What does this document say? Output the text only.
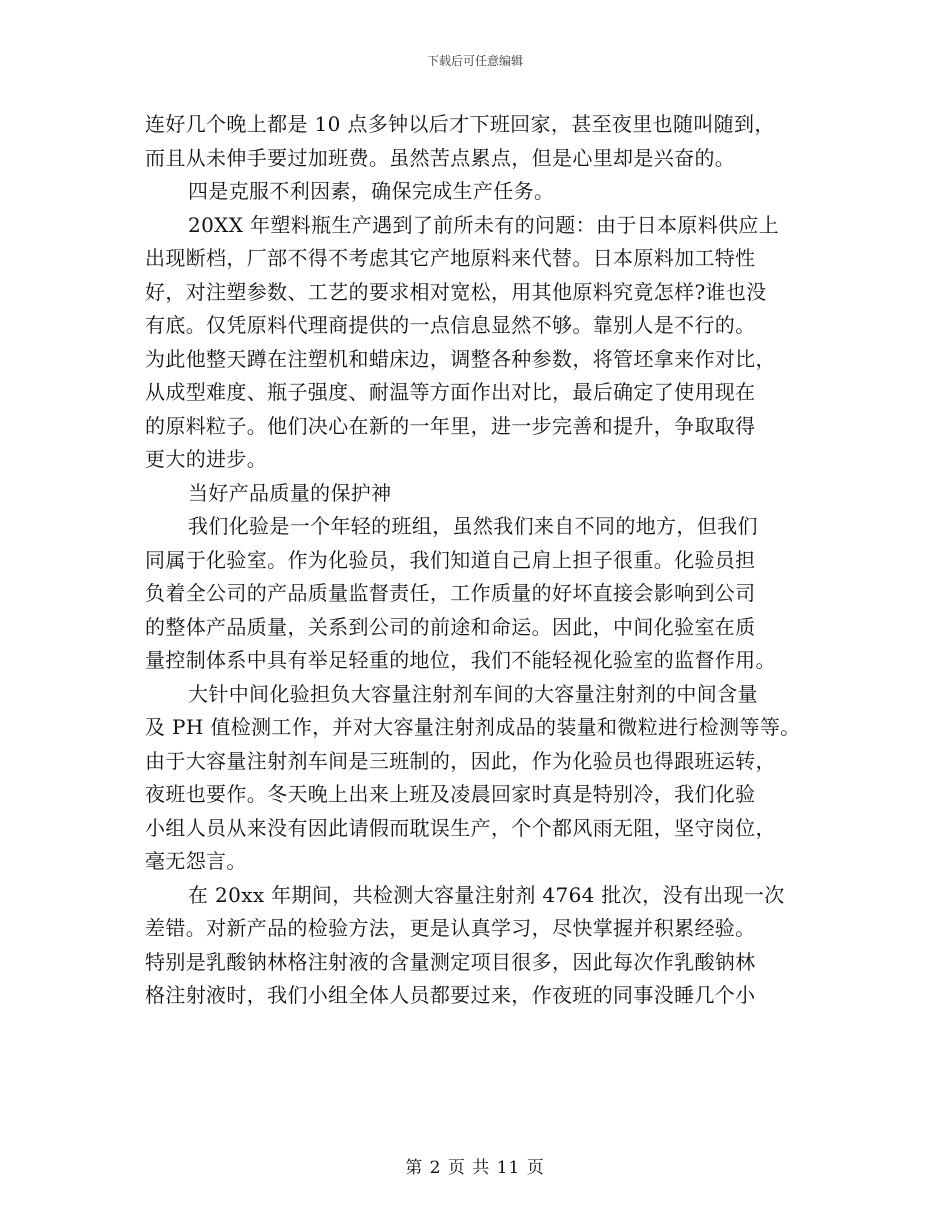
下载后可任意编辑
连好几个晚上都是 10 点多钟以后才下班回家，甚至夜里也随叫随到，
而且从未伸手要过加班费。虽然苦点累点，但是心里却是兴奋的。
四是克服不利因素，确保完成生产任务。
20XX 年塑料瓶生产遇到了前所未有的问题：由于日本原料供应上
出现断档，厂部不得不考虑其它产地原料来代替。日本原料加工特性
好，对注塑参数、工艺的要求相对宽松，用其他原料究竟怎样?谁也没
有底。仅凭原料代理商提供的一点信息显然不够。靠别人是不行的。
为此他整天蹲在注塑机和蜡床边，调整各种参数，将管坯拿来作对比，
从成型难度、瓶子强度、耐温等方面作出对比，最后确定了使用现在
的原料粒子。他们决心在新的一年里，进一步完善和提升，争取取得
更大的进步。
当好产品质量的保护神
我们化验是一个年轻的班组，虽然我们来自不同的地方，但我们
同属于化验室。作为化验员，我们知道自己肩上担子很重。化验员担
负着全公司的产品质量监督责任，工作质量的好坏直接会影响到公司
的整体产品质量，关系到公司的前途和命运。因此，中间化验室在质
量控制体系中具有举足轻重的地位，我们不能轻视化验室的监督作用。
大针中间化验担负大容量注射剂车间的大容量注射剂的中间含量
及 PH 值检测工作，并对大容量注射剂成品的装量和微粒进行检测等等。
由于大容量注射剂车间是三班制的，因此，作为化验员也得跟班运转，
夜班也要作。冬天晚上出来上班及凌晨回家时真是特别冷，我们化验
小组人员从来没有因此请假而耽误生产，个个都风雨无阻，坚守岗位，
毫无怨言。
在 20xx 年期间，共检测大容量注射剂 4764 批次，没有出现一次
差错。对新产品的检验方法，更是认真学习，尽快掌握并积累经验。
特别是乳酸钠林格注射液的含量测定项目很多，因此每次作乳酸钠林
格注射液时，我们小组全体人员都要过来，作夜班的同事没睡几个小
第 2 页 共 11 页
